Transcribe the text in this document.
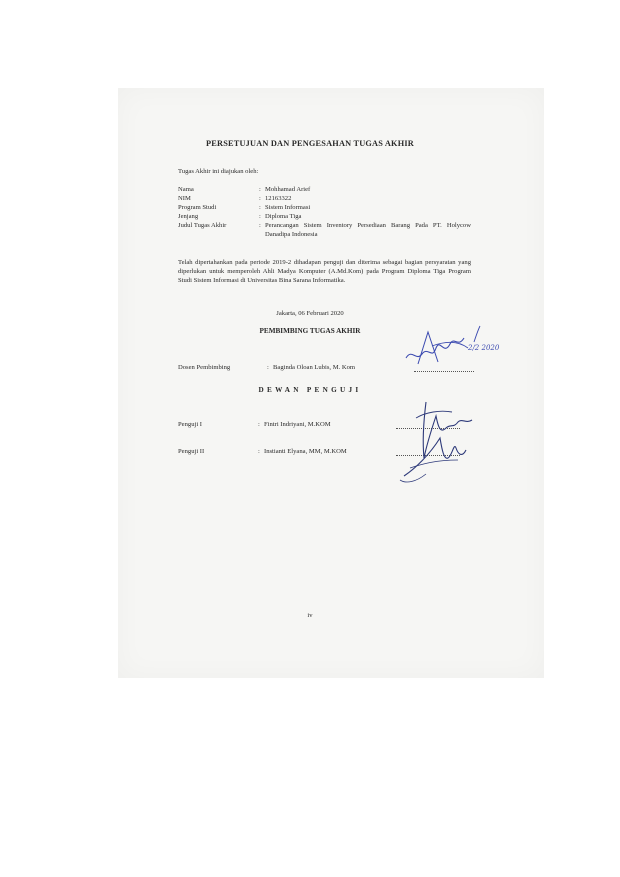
PERSETUJUAN DAN PENGESAHAN TUGAS AKHIR
Tugas Akhir ini diajukan oleh:
Nama	: Mohhamad Arief
NIM	: 12163322
Program Studi	: Sistem Informasi
Jenjang	: Diploma Tiga
Judul Tugas Akhir	: Perancangan Sistem Inventory Persediaan Barang Pada PT. Holycow Danadipa Indonesia
Telah dipertahankan pada periode 2019-2 dihadapan penguji dan diterima sebagai bagian persyaratan yang diperlukan untuk memperoleh Ahli Madya Komputer (A.Md.Kom) pada Program Diploma Tiga Program Studi Sistem Informasi di Universitas Bina Sarana Informatika.
Jakarta, 06 Februari 2020
PEMBIMBING TUGAS AKHIR
Dosen Pembimbing	: Baginda Oloan Lubis, M. Kom
DEWAN PENGUJI
Penguji I	: Fintri Indriyani, M.KOM
Penguji II	: Instianti Elyana, MM, M.KOM
2/2 2020
iv
